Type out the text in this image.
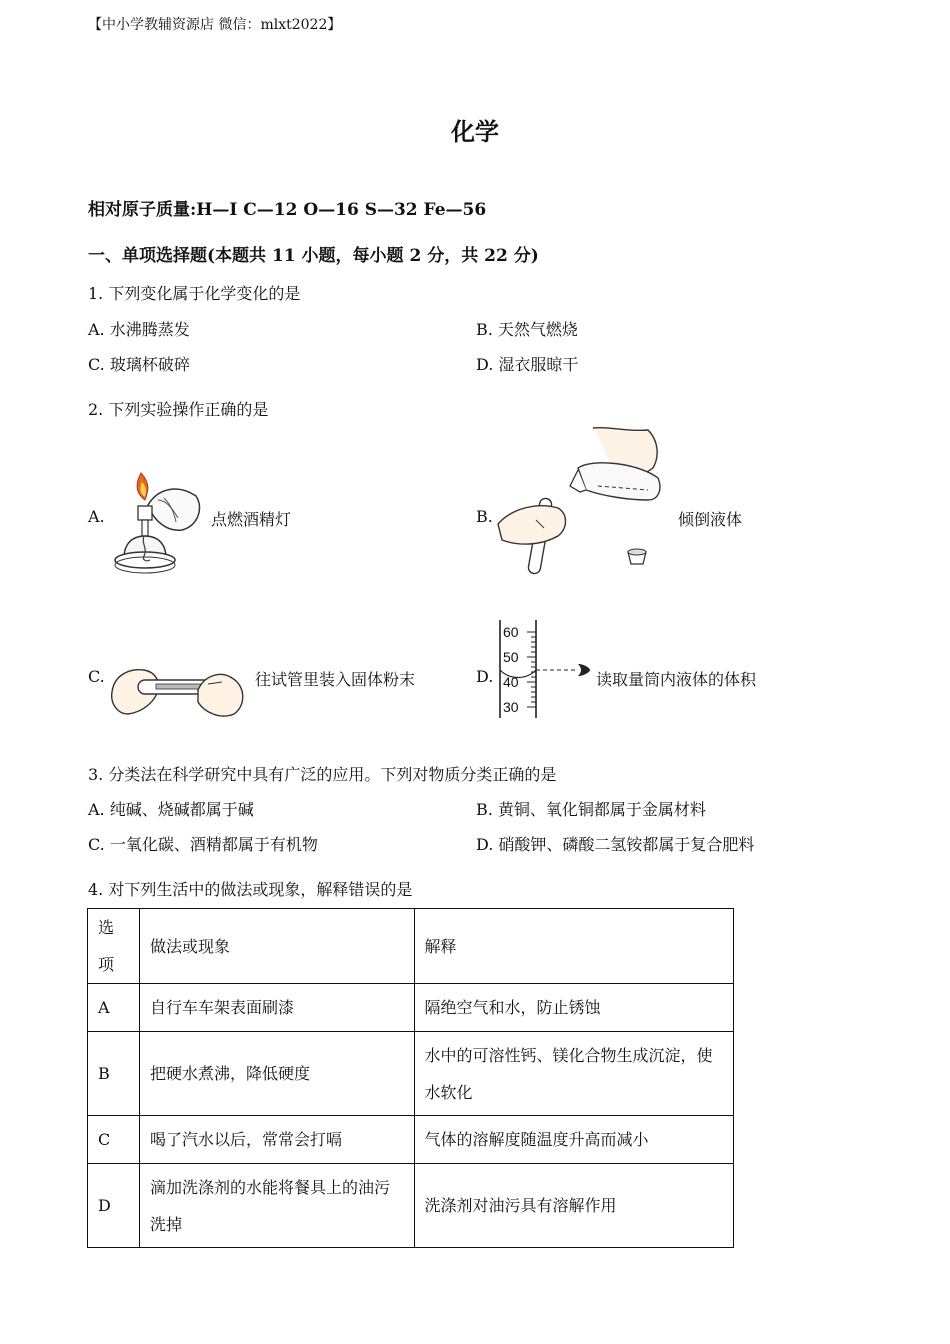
【中小学教辅资源店 微信：mlxt2022】
化学
相对原子质量:H—I C—12 O—16 S—32 Fe—56
一、单项选择题(本题共 11 小题，每小题 2 分，共 22 分)
1. 下列变化属于化学变化的是
A. 水沸腾蒸发	B. 天然气燃烧
C. 玻璃杯破碎	D. 湿衣服晾干
2. 下列实验操作正确的是
A.	点燃酒精灯	B.	倾倒液体
C.	往试管里装入固体粉末	D.
60
50
40
30
读取量筒内液体的体积
3. 分类法在科学研究中具有广泛的应用。下列对物质分类正确的是
A. 纯碱、烧碱都属于碱	B. 黄铜、氧化铜都属于金属材料
C. 一氧化碳、酒精都属于有机物	D. 硝酸钾、磷酸二氢铵都属于复合肥料
4. 对下列生活中的做法或现象，解释错误的是
选项	做法或现象	解释
A	自行车车架表面刷漆	隔绝空气和水，防止锈蚀
B	把硬水煮沸，降低硬度	水中的可溶性钙、镁化合物生成沉淀，使水软化
C	喝了汽水以后，常常会打嗝	气体的溶解度随温度升高而减小
D	滴加洗涤剂的水能将餐具上的油污洗掉	洗涤剂对油污具有溶解作用
